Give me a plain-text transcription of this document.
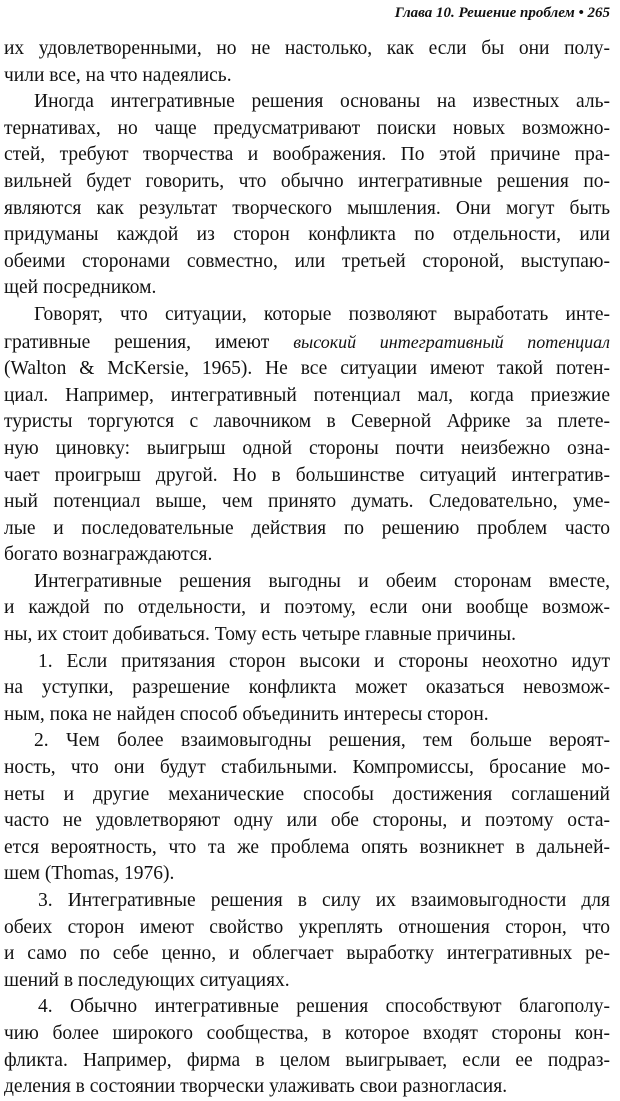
Глава 10. Решение проблем • 265
их удовлетворенными, но не настолько, как если бы они полу-
чили все, на что надеялись.
Иногда интегративные решения основаны на известных аль-
тернативах, но чаще предусматривают поиски новых возможно-
стей, требуют творчества и воображения. По этой причине пра-
вильней будет говорить, что обычно интегративные решения по-
являются как результат творческого мышления. Они могут быть
придуманы каждой из сторон конфликта по отдельности, или
обеими сторонами совместно, или третьей стороной, выступаю-
щей посредником.
Говорят, что ситуации, которые позволяют выработать инте-
гративные решения, имеют высокий интегративный потенциал
(Walton & McKersie, 1965). Не все ситуации имеют такой потен-
циал. Например, интегративный потенциал мал, когда приезжие
туристы торгуются с лавочником в Северной Африке за плете-
ную циновку: выигрыш одной стороны почти неизбежно озна-
чает проигрыш другой. Но в большинстве ситуаций интегратив-
ный потенциал выше, чем принято думать. Следовательно, уме-
лые и последовательные действия по решению проблем часто
богато вознаграждаются.
Интегративные решения выгодны и обеим сторонам вместе,
и каждой по отдельности, и поэтому, если они вообще возмож-
ны, их стоит добиваться. Тому есть четыре главные причины.
1. Если притязания сторон высоки и стороны неохотно идут
на уступки, разрешение конфликта может оказаться невозмож-
ным, пока не найден способ объединить интересы сторон.
2. Чем более взаимовыгодны решения, тем больше вероят-
ность, что они будут стабильными. Компромиссы, бросание мо-
неты и другие механические способы достижения соглашений
часто не удовлетворяют одну или обе стороны, и поэтому оста-
ется вероятность, что та же проблема опять возникнет в дальней-
шем (Thomas, 1976).
3. Интегративные решения в силу их взаимовыгодности для
обеих сторон имеют свойство укреплять отношения сторон, что
и само по себе ценно, и облегчает выработку интегративных ре-
шений в последующих ситуациях.
4. Обычно интегративные решения способствуют благополу-
чию более широкого сообщества, в которое входят стороны кон-
фликта. Например, фирма в целом выигрывает, если ее подраз-
деления в состоянии творчески улаживать свои разногласия.
